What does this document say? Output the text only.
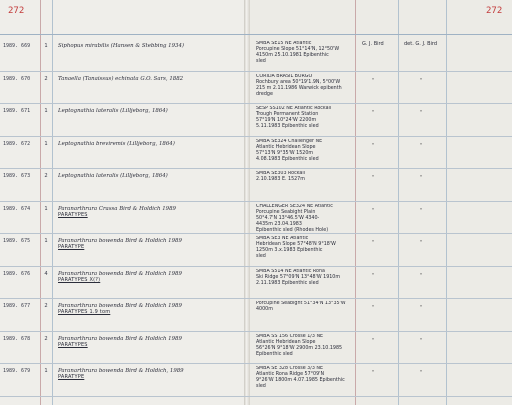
272	272
G. J. Bird	det. G. J. Bird
1989. 669	1	Siphopus mirabilis (Hansen & Stebbing 1934)	SMBA SE15 NE Atlantic
Porcupine Slope 51°14'N, 12°50'W
4150m 25.10.1981 Epibenthic
sled
1989. 670	2	Tanaella (Tanaissus) echinata G.O. Sars, 1882	CORIDA BRASIL BURGO
Rochbury area 50°19'1.9N, 5°00'W
215 m 2.11.1986 Warwick epibenth
dredge
"	"
1989. 671	1	Leptognathia lateralis (Lilljeborg, 1864)	SESP SS102 NE Atlantic Rockall
Trough Permanent Station
57°19'N 10°24'W 2200m
5.11.1983 Epibenthic sled
"	"
1989. 672	1	Leptognathia breviremis (Lilljeborg, 1864)	SMBA SE324 Challenger NE
Atlantic Hebridean Slope
57°13'N 9°35'W 1520m
4.08.1983 Epibenthic sled
"	"
1989. 673	2	Leptognathia lateralis (Lilljeborg, 1864)	SMBA SE303 Rockall
2.10.1983 E. 1527m	"	"
1989. 674	1	Paranarthrura Crassa Bird & Holdich 1989
PARATYPES
CHALLENGER SE324 NE Atlantic
Porcupine Seabight Plain
50°4.7'N 13°46.5'W 4340-
4435m 23.04.1983
Epibenthic sled (Rhodes Hole)
"	"
1989. 675	1	Paranarthrura bowenda Bird & Holdich 1989
PARATYPE
SMBA SE3 NE Atlantic
Hebridean Slope 57°48'N 9°18'W
1250m 3.x.1983 Epibenthic
sled
"	"
1989. 676	4	Paranarthrura bowenda Bird & Holdich 1989
PARATYPES X(?)
SMBA S514 NE Atlantic Rona
Ski Ridge 57°09'N 13°48'W 1910m
2.11.1983 Epibenthic sled
"	"
1989. 677	2	Paranarthrura bowenda Bird & Holdich 1989
PARATYPES 1.9 tom
Porcupine Seabight 51°34'N 13°35'W
4000m	"	"
1989. 678	2	Paranarthrura bowenda Bird & Holdich 1989
PARATYPES
SMBA SS 156 Crosse 1/3 NE
Atlantic Hebridean Slope
56°26'N 9°18'W 2900m 23.10.1985
Epibenthic sled
"	"
1989. 679	1	Paranarthrura bowenda Bird & Holdich, 1989
PARATYPE
SMBA SE 328 Crosse 3/3 NE
Atlantic Rona Ridge 57°09'N
9°26'W 1800m 4.07.1985 Epibenthic
sled
"	"
